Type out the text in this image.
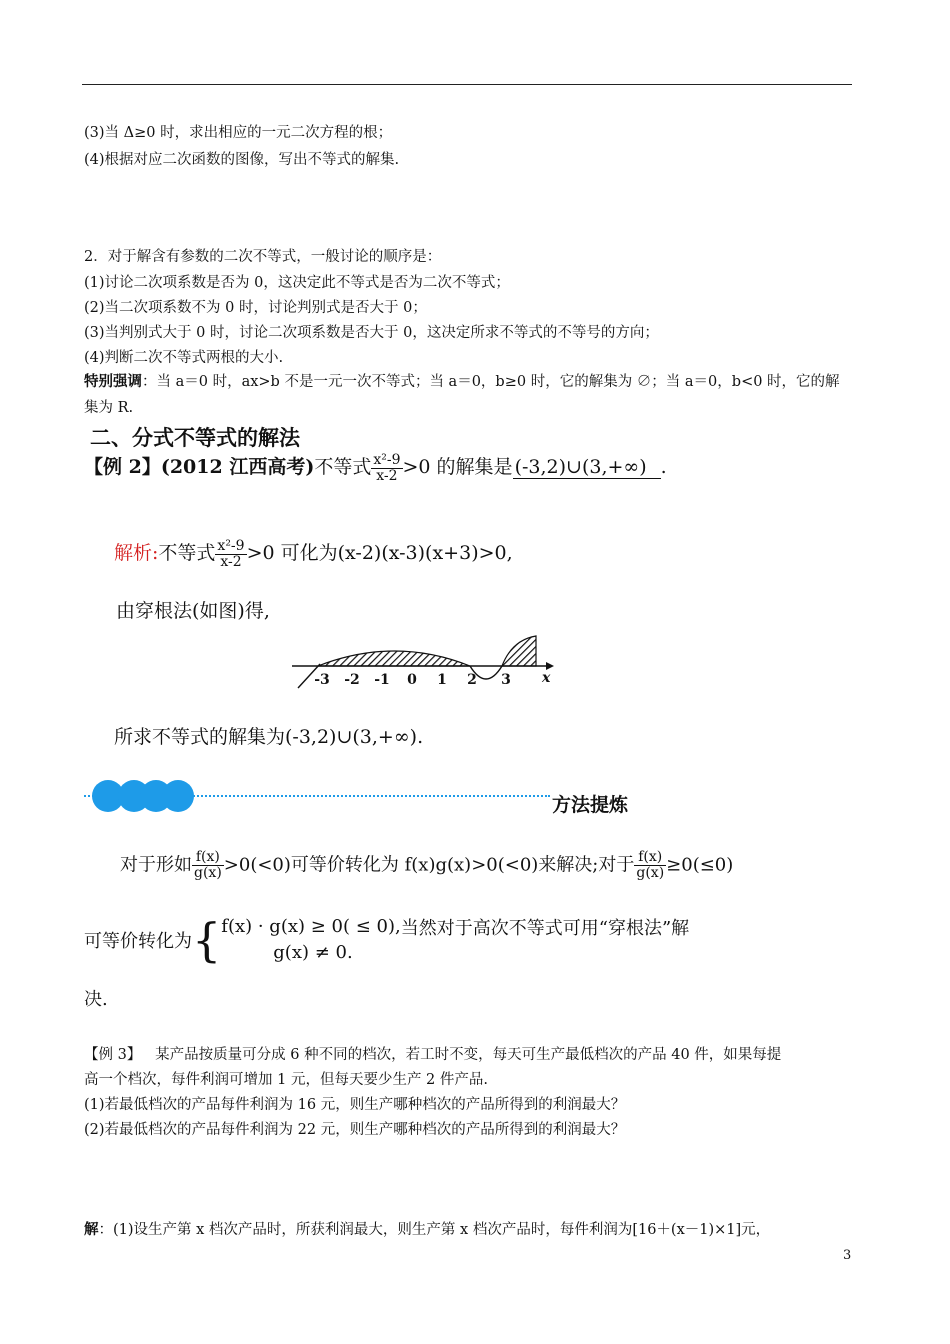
(3)当 Δ≥0 时，求出相应的一元二次方程的根；
(4)根据对应二次函数的图像，写出不等式的解集.
2．对于解含有参数的二次不等式，一般讨论的顺序是：
(1)讨论二次项系数是否为 0，这决定此不等式是否为二次不等式；
(2)当二次项系数不为 0 时，讨论判别式是否大于 0；
(3)当判别式大于 0 时，讨论二次项系数是否大于 0，这决定所求不等式的不等号的方向；
(4)判断二次不等式两根的大小.
特别强调：当 a＝0 时，ax>b 不是一元一次不等式；当 a＝0，b≥0 时，它的解集为 ∅；当 a＝0，b<0 时，它的解
集为 R.
二、分式不等式的解法
【例 2】(2012 江西高考)不等式 $\frac{\text{x²-9}}{x-2} >0$ 的解集是 (-3,2)∪(3,+∞) .
解析:不等式 $\frac{\text{x²-9}}{x-2} >0$ 可化为(x-2)(x-3)(x+3)>0,
由穿根法(如图)得,
-3 -2 -1 0 1 2 3 x
所求不等式的解集为(-3,2)∪(3,+∞).
方法提炼
对于形如 $\frac{f(x)}{g(x)} >0(<0)$可等价转化为 f(x)g(x)>0(<0)来解决;对于 $\frac{f(x)}{g(x)} \ge 0(\le 0)$
可等价转化为{ f(x) · g(x) ≥ 0( ≤ 0),
g(x) ≠ 0.
当然对于高次不等式可用“穿根法”解
决.
【例 3】 某产品按质量可分成 6 种不同的档次，若工时不变，每天可生产最低档次的产品 40 件，如果每提
高一个档次，每件利润可增加 1 元，但每天要少生产 2 件产品.
(1)若最低档次的产品每件利润为 16 元，则生产哪种档次的产品所得到的利润最大？
(2)若最低档次的产品每件利润为 22 元，则生产哪种档次的产品所得到的利润最大？
解：(1)设生产第 x 档次产品时，所获利润最大，则生产第 x 档次产品时，每件利润为[16＋(x－1)×1]元，
3
